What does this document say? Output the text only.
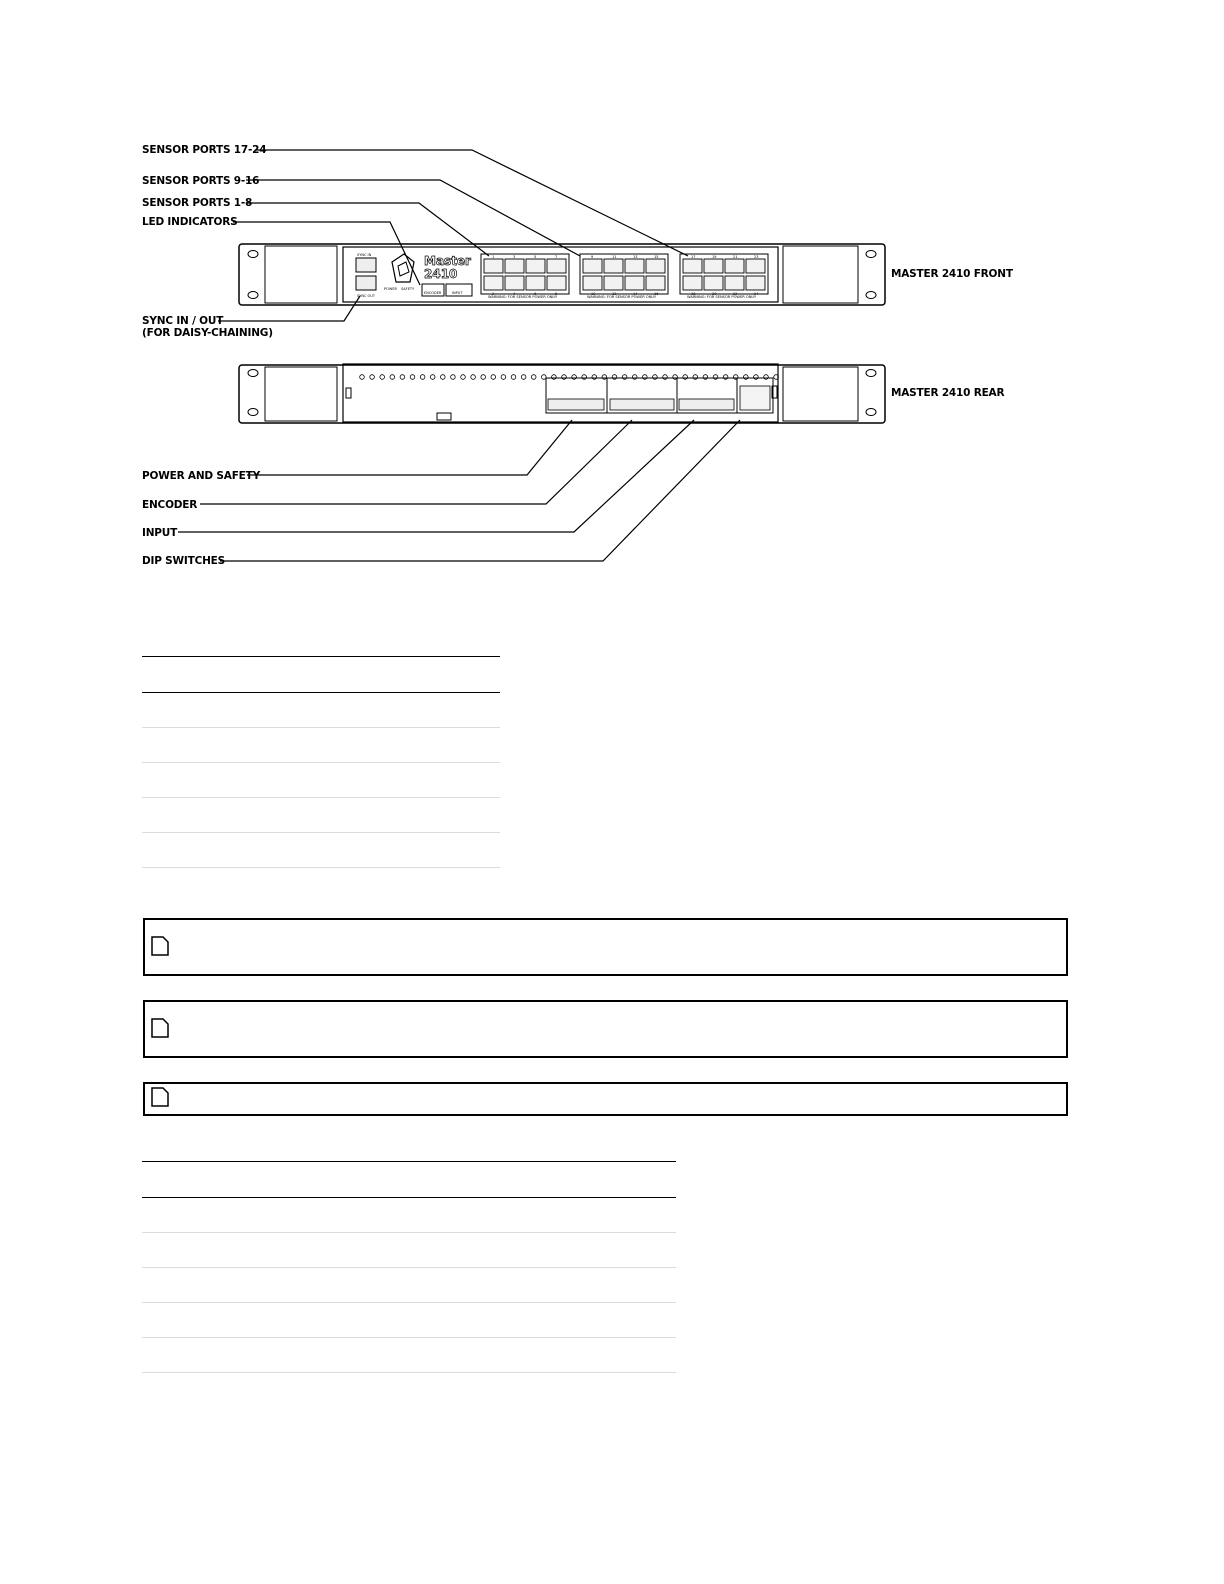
SYNC IN
SYNC OUT
Master
2410
POWER SAFETY
ENCODER	INPUT
WARNING: FOR SENSOR POWER ONLY!	WARNING: FOR SENSOR POWER ONLY!	WARNING: FOR SENSOR POWER ONLY!
SENSOR PORTS 17-24
SENSOR PORTS 9-16
SENSOR PORTS 1-8
LED INDICATORS
SYNC IN / OUT
(FOR DAISY-CHAINING)
MASTER 2410 FRONT
MASTER 2410 REAR
POWER AND SAFETY
ENCODER
INPUT
DIP SWITCHES
1
2
3
4
5
6
7
8
9
10
11
12
13
14
15
16
17
18
19
20
21
22
23
24
